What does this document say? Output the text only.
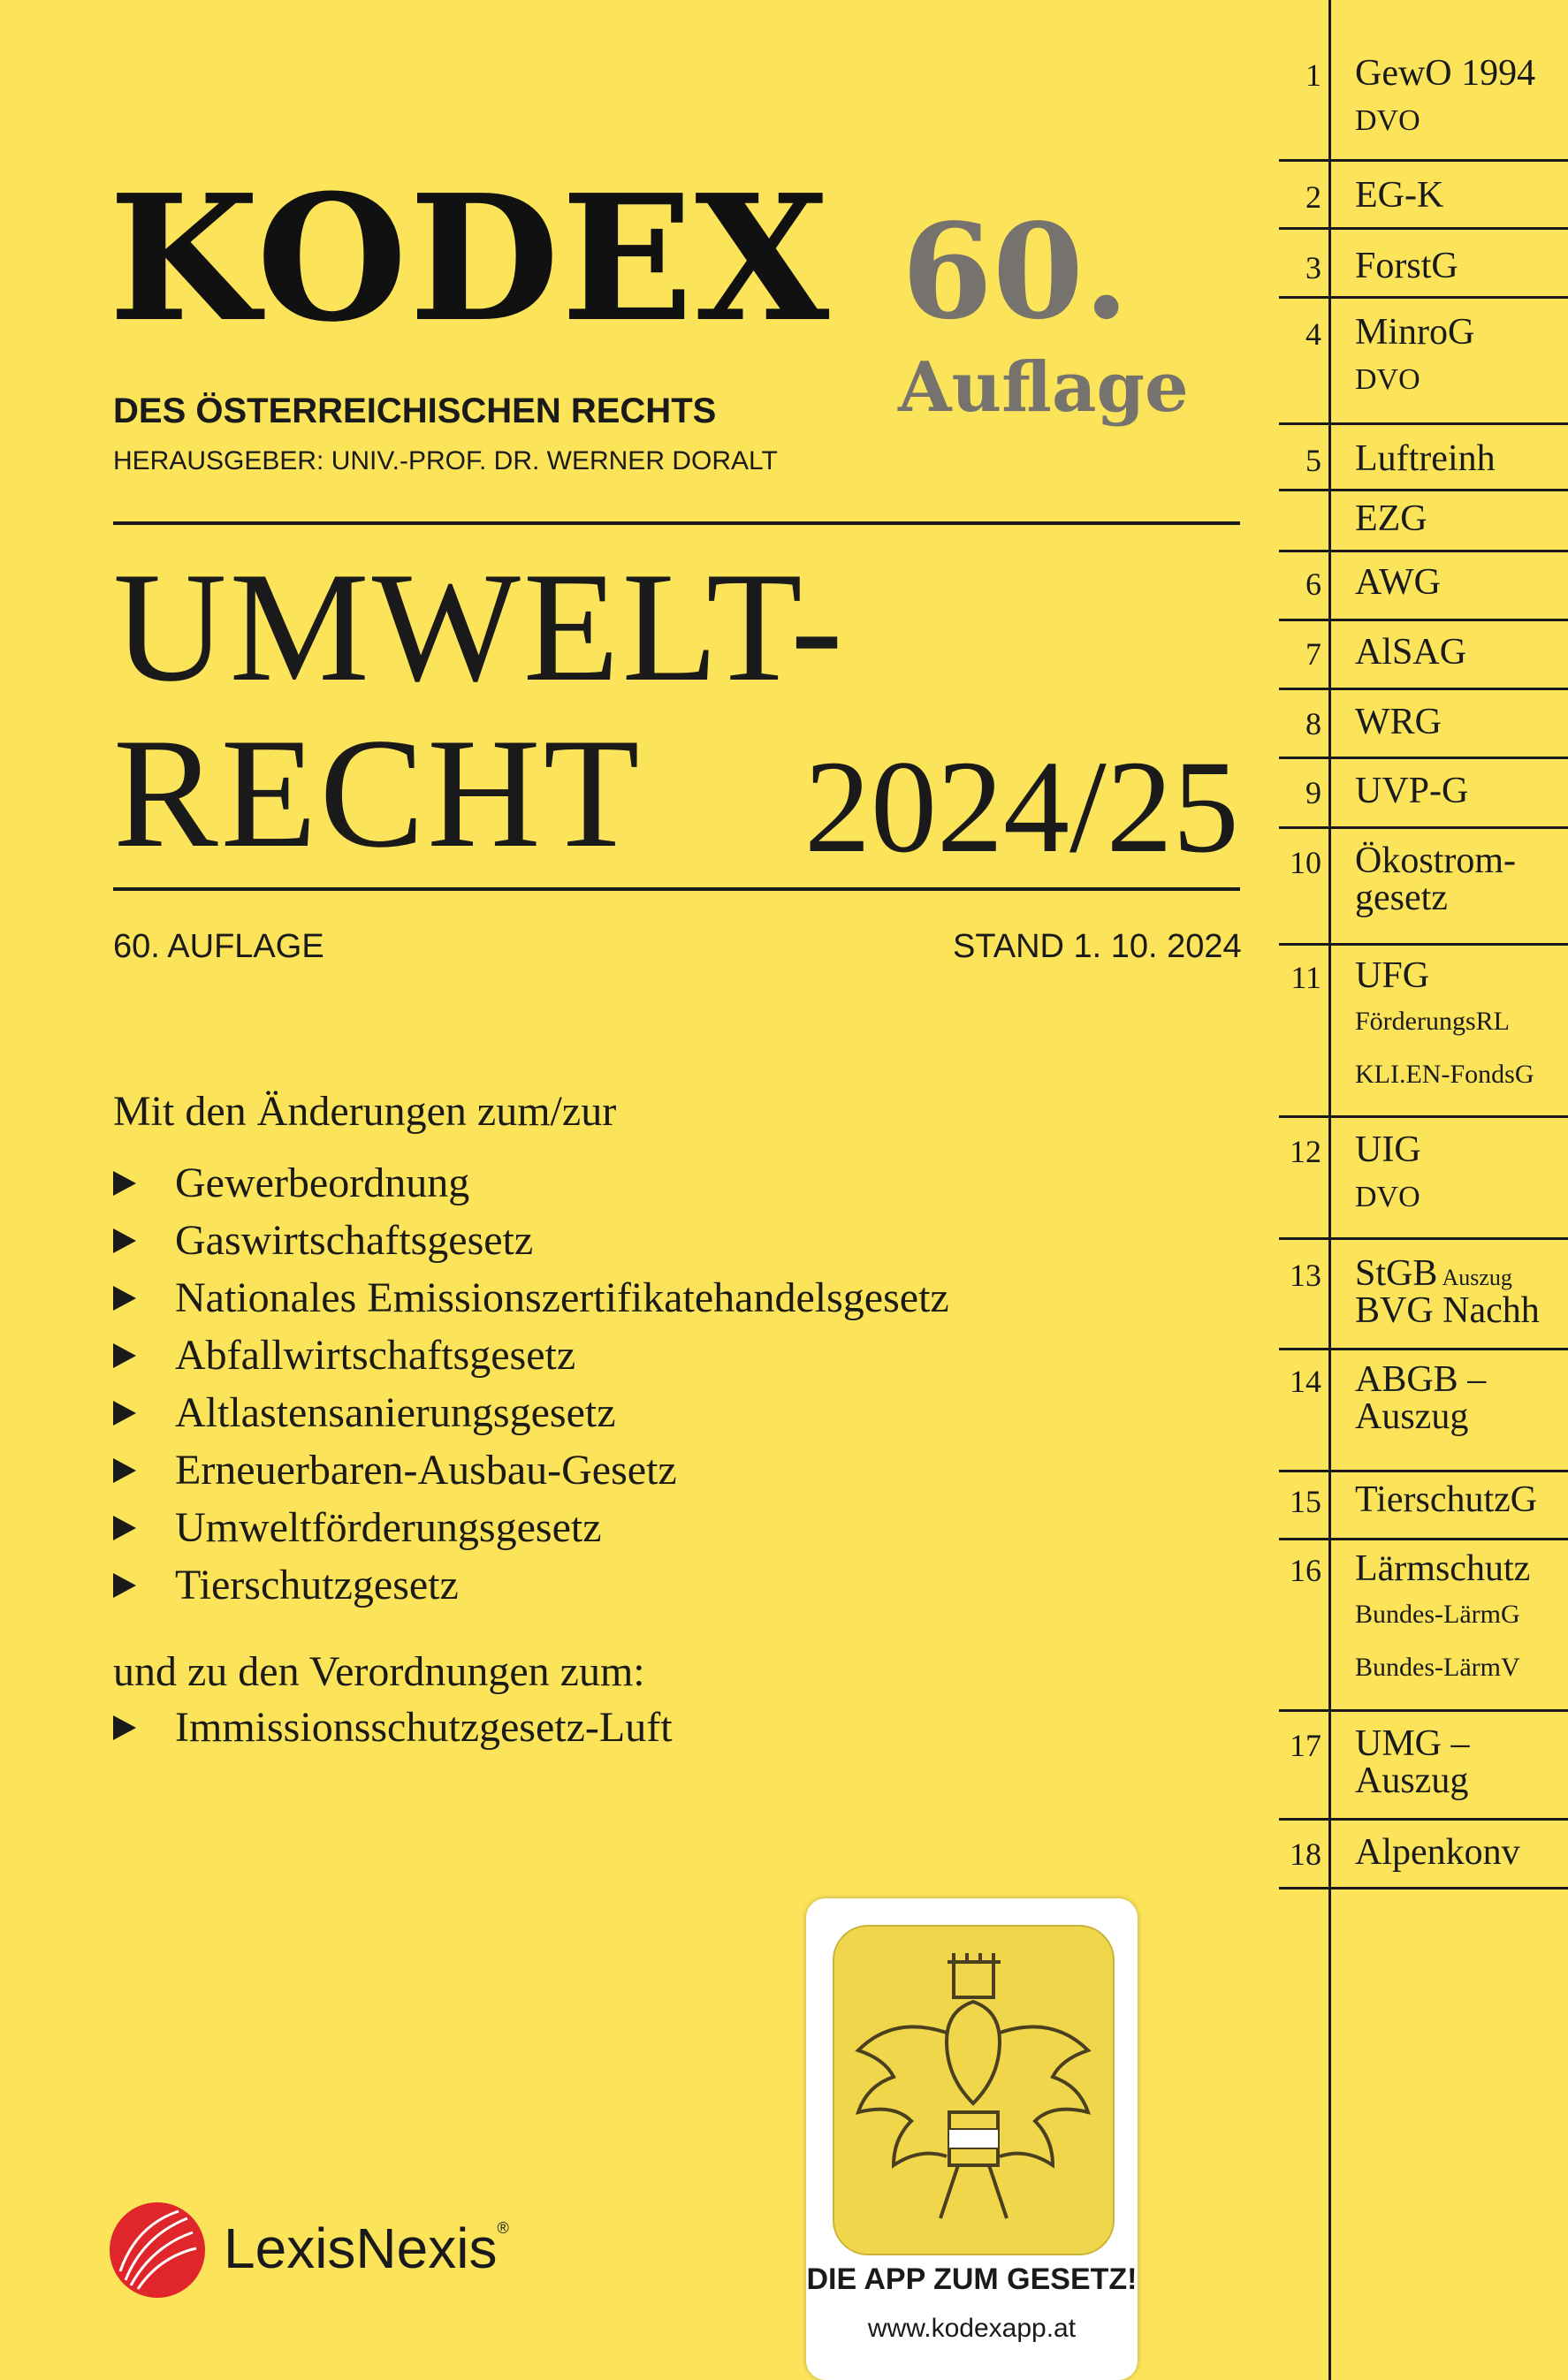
KODEX 60.
Auflage
DES ÖSTERREICHISCHEN RECHTS
HERAUSGEBER: UNIV.-PROF. DR. WERNER DORALT
UMWELT-
RECHT	2024/25
60. AUFLAGE	STAND 1. 10. 2024
Mit den Änderungen zum/zur
Gewerbeordnung
Gaswirtschaftsgesetz
Nationales Emissionszertifikatehandelsgesetz
Abfallwirtschaftsgesetz
Altlastensanierungsgesetz
Erneuerbaren-Ausbau-Gesetz
Umweltförderungsgesetz
Tierschutzgesetz
und zu den Verordnungen zum:
Immissionsschutzgesetz-Luft
1 GewO 1994
DVO
2 EG-K
3 ForstG
4 MinroG
DVO
5 Luftreinh
EZG
6 AWG
7 AlSAG
8 WRG
9 UVP-G
10 Ökostrom-
gesetz
11 UFG
FörderungsRL
KLI.EN-FondsG
12 UIG
DVO
13 StGB Auszug
BVG Nachh
14 ABGB –
Auszug
15 TierschutzG
16 Lärmschutz
Bundes-LärmG
Bundes-LärmV
17 UMG –
Auszug
18 Alpenkonv
DIE APP ZUM GESETZ!
www.kodexapp.at
LexisNexis®
